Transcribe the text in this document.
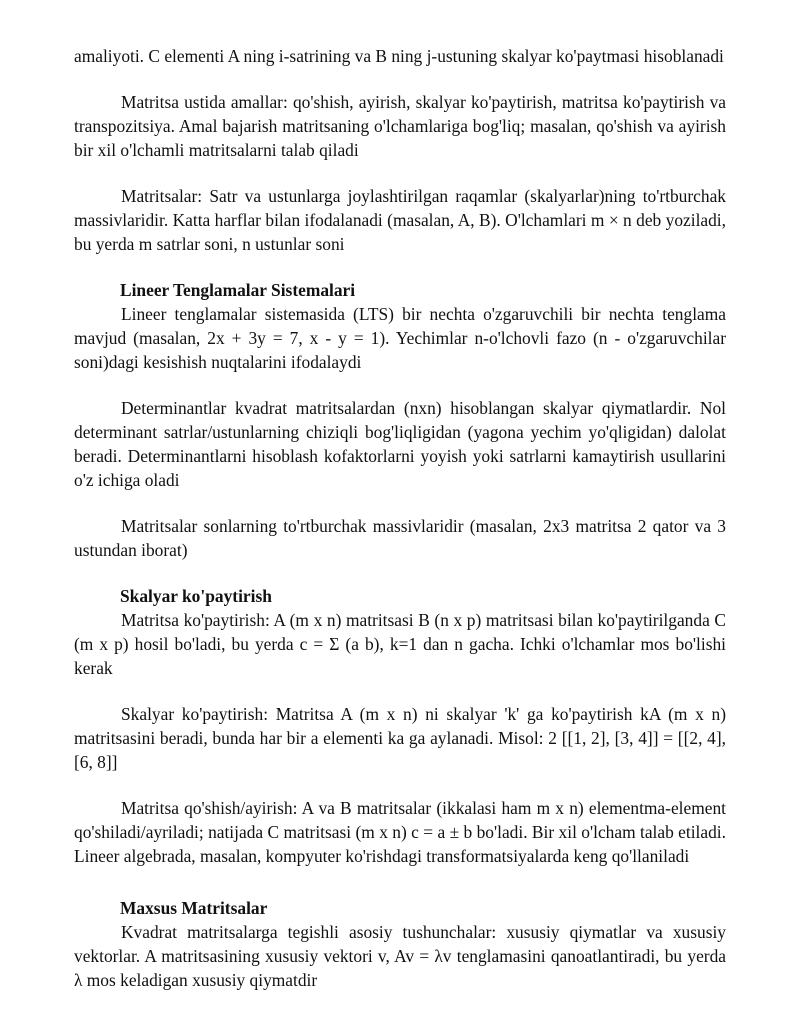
amaliyoti. C elementi A ning i-satrining va B ning j-ustuning skalyar ko'paytmasi hisoblanadi

Matritsa ustida amallar: qo'shish, ayirish, skalyar ko'paytirish, matritsa ko'paytirish va transpozitsiya. Amal bajarish matritsaning o'lchamlariga bog'liq; masalan, qo'shish va ayirish bir xil o'lchamli matritsalarni talab qiladi

Matritsalar: Satr va ustunlarga joylashtirilgan raqamlar (skalyarlar)ning to'rtburchak massivlaridir. Katta harflar bilan ifodalanadi (masalan, A, B). O'lchamlari m × n deb yoziladi, bu yerda m satrlar soni, n ustunlar soni

Lineer Tenglamalar Sistemalari

Lineer tenglamalar sistemasida (LTS) bir nechta o'zgaruvchili bir nechta tenglama mavjud (masalan, 2x + 3y = 7, x - y = 1). Yechimlar n-o'lchovli fazo (n - o'zgaruvchilar soni)dagi kesishish nuqtalarini ifodalaydi

Determinantlar kvadrat matritsalardan (nxn) hisoblangan skalyar qiymatlardir. Nol determinant satrlar/ustunlarning chiziqli bog'liqligidan (yagona yechim yo'qligidan) dalolat beradi. Determinantlarni hisoblash kofaktorlarni yoyish yoki satrlarni kamaytirish usullarini o'z ichiga oladi

Matritsalar sonlarning to'rtburchak massivlaridir (masalan, 2x3 matritsa 2 qator va 3 ustundan iborat)

Skalyar ko'paytirish

Matritsa ko'paytirish: A (m x n) matritsasi B (n x p) matritsasi bilan ko'paytirilganda C (m x p) hosil bo'ladi, bu yerda c = Σ (a b), k=1 dan n gacha. Ichki o'lchamlar mos bo'lishi kerak

Skalyar ko'paytirish: Matritsa A (m x n) ni skalyar 'k' ga ko'paytirish kA (m x n) matritsasini beradi, bunda har bir a elementi ka ga aylanadi. Misol: 2 [[1, 2], [3, 4]] = [[2, 4], [6, 8]]

Matritsa qo'shish/ayirish: A va B matritsalar (ikkalasi ham m x n) elementma-element qo'shiladi/ayriladi; natijada C matritsasi (m x n) c = a ± b bo'ladi. Bir xil o'lcham talab etiladi. Lineer algebrada, masalan, kompyuter ko'rishdagi transformatsiyalarda keng qo'llaniladi

Maxsus Matritsalar

Kvadrat matritsalarga tegishli asosiy tushunchalar: xususiy qiymatlar va xususiy vektorlar. A matritsasining xususiy vektori v, Av = λv tenglamasini qanoatlantiradi, bu yerda λ mos keladigan xususiy qiymatdir
